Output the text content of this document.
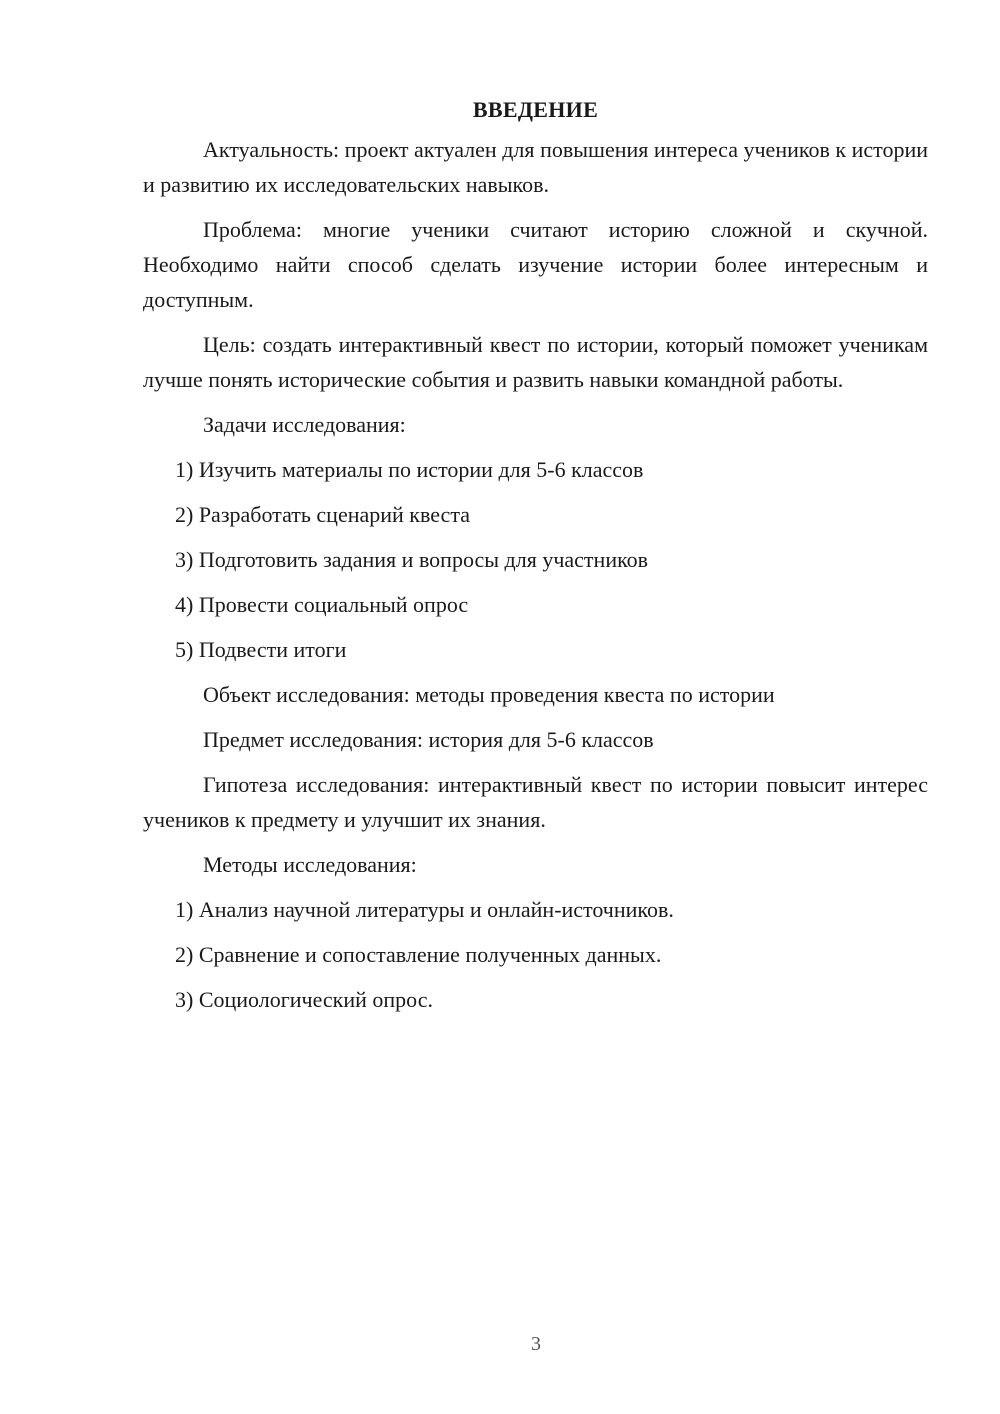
ВВЕДЕНИЕ

Актуальность: проект актуален для повышения интереса учеников к истории и развитию их исследовательских навыков.

Проблема: многие ученики считают историю сложной и скучной. Необходимо найти способ сделать изучение истории более интересным и доступным.

Цель: создать интерактивный квест по истории, который поможет ученикам лучше понять исторические события и развить навыки командной работы.

Задачи исследования:

1) Изучить материалы по истории для 5-6 классов
2) Разработать сценарий квеста
3) Подготовить задания и вопросы для участников
4) Провести социальный опрос
5) Подвести итоги

Объект исследования: методы проведения квеста по истории

Предмет исследования: история для 5-6 классов

Гипотеза исследования: интерактивный квест по истории повысит интерес учеников к предмету и улучшит их знания.

Методы исследования:

1) Анализ научной литературы и онлайн-источников.
2) Сравнение и сопоставление полученных данных.
3) Социологический опрос.
3
